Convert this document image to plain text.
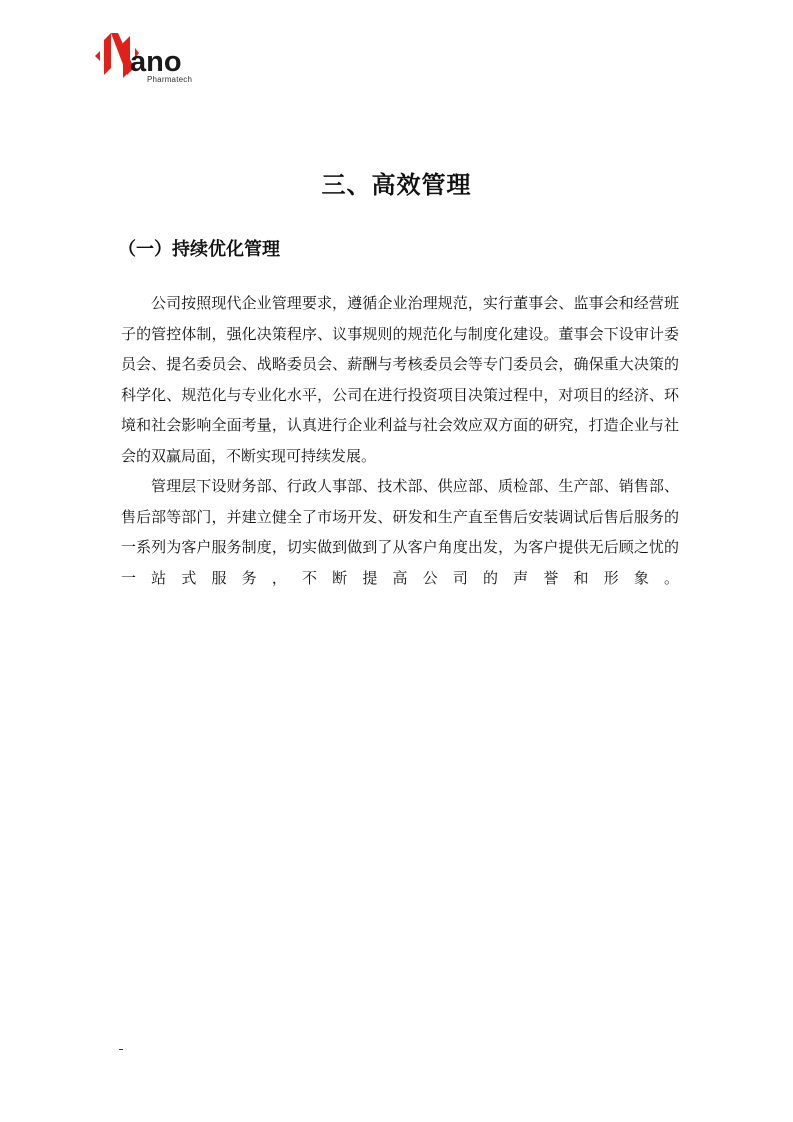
ano
Pharmatech
三、高效管理
（一）持续优化管理

公司按照现代企业管理要求，遵循企业治理规范，实行董事会、监事会和经营班子的管控体制，强化决策程序、议事规则的规范化与制度化建设。董事会下设审计委员会、提名委员会、战略委员会、薪酬与考核委员会等专门委员会，确保重大决策的科学化、规范化与专业化水平，公司在进行投资项目决策过程中，对项目的经济、环境和社会影响全面考量，认真进行企业利益与社会效应双方面的研究，打造企业与社会的双赢局面，不断实现可持续发展。

管理层下设财务部、行政人事部、技术部、供应部、质检部、生产部、销售部、售后部等部门，并建立健全了市场开发、研发和生产直至售后安装调试后售后服务的一系列为客户服务制度，切实做到做到了从客户角度出发，为客户提供无后顾之忧的一站式服务，不断提高公司的声誉和形象。
